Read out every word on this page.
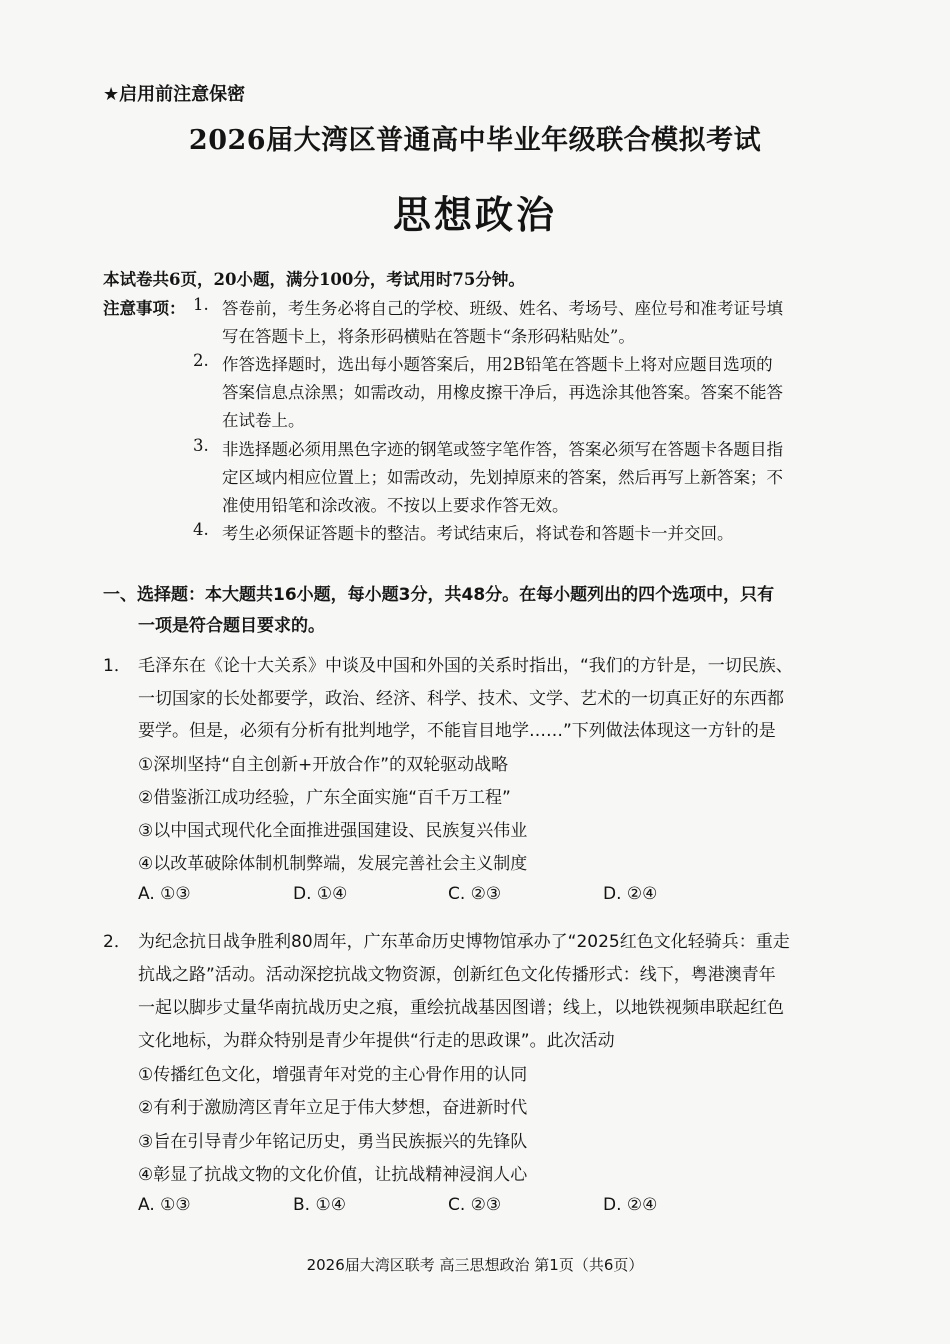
★启用前注意保密
2026届大湾区普通高中毕业年级联合模拟考试
思想政治
本试卷共6页，20小题，满分100分，考试用时75分钟。
注意事项： 1. 答卷前，考生务必将自己的学校、班级、姓名、考场号、座位号和准考证号填
写在答题卡上，将条形码横贴在答题卡“条形码粘贴处”。
2. 作答选择题时，选出每小题答案后，用2B铅笔在答题卡上将对应题目选项的
答案信息点涂黑；如需改动，用橡皮擦干净后，再选涂其他答案。答案不能答
在试卷上。
3. 非选择题必须用黑色字迹的钢笔或签字笔作答，答案必须写在答题卡各题目指
定区域内相应位置上；如需改动，先划掉原来的答案，然后再写上新答案；不
准使用铅笔和涂改液。不按以上要求作答无效。
4. 考生必须保证答题卡的整洁。考试结束后，将试卷和答题卡一并交回。
一、选择题：本大题共16小题，每小题3分，共48分。在每小题列出的四个选项中，只有
一项是符合题目要求的。
1． 毛泽东在《论十大关系》中谈及中国和外国的关系时指出，“我们的方针是，一切民族、
一切国家的长处都要学，政治、经济、科学、技术、文学、艺术的一切真正好的东西都
要学。但是，必须有分析有批判地学，不能盲目地学……”下列做法体现这一方针的是
①深圳坚持“自主创新+开放合作”的双轮驱动战略
②借鉴浙江成功经验，广东全面实施“百千万工程”
③以中国式现代化全面推进强国建设、民族复兴伟业
④以改革破除体制机制弊端，发展完善社会主义制度
A. ①③	D. ①④	C. ②③	D. ②④
2． 为纪念抗日战争胜利80周年，广东革命历史博物馆承办了“2025红色文化轻骑兵：重走
抗战之路”活动。活动深挖抗战文物资源，创新红色文化传播形式：线下，粤港澳青年
一起以脚步丈量华南抗战历史之痕，重绘抗战基因图谱；线上，以地铁视频串联起红色
文化地标，为群众特别是青少年提供“行走的思政课”。此次活动
①传播红色文化，增强青年对党的主心骨作用的认同
②有利于激励湾区青年立足于伟大梦想，奋进新时代
③旨在引导青少年铭记历史，勇当民族振兴的先锋队
④彰显了抗战文物的文化价值，让抗战精神浸润人心
A. ①③	B. ①④	C. ②③	D. ②④
2026届大湾区联考 高三思想政治 第1页（共6页）
